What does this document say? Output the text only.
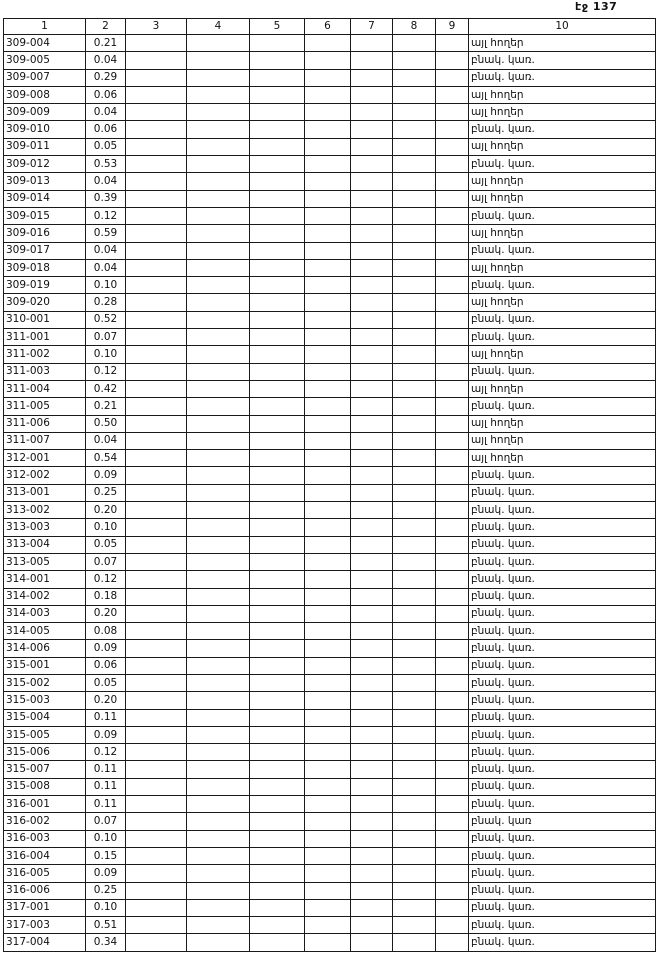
էջ 137
1	2	3	4	5	6	7	8	9	10
309-004	0.21								այլ հողեր
309-005	0.04								բնակ. կառ.
309-007	0.29								բնակ. կառ.
309-008	0.06								այլ հողեր
309-009	0.04								այլ հողեր
309-010	0.06								բնակ. կառ.
309-011	0.05								այլ հողեր
309-012	0.53								բնակ. կառ.
309-013	0.04								այլ հողեր
309-014	0.39								այլ հողեր
309-015	0.12								բնակ. կառ.
309-016	0.59								այլ հողեր
309-017	0.04								բնակ. կառ.
309-018	0.04								այլ հողեր
309-019	0.10								բնակ. կառ.
309-020	0.28								այլ հողեր
310-001	0.52								բնակ. կառ.
311-001	0.07								բնակ. կառ.
311-002	0.10								այլ հողեր
311-003	0.12								բնակ. կառ.
311-004	0.42								այլ հողեր
311-005	0.21								բնակ. կառ.
311-006	0.50								այլ հողեր
311-007	0.04								այլ հողեր
312-001	0.54								այլ հողեր
312-002	0.09								բնակ. կառ.
313-001	0.25								բնակ. կառ.
313-002	0.20								բնակ. կառ.
313-003	0.10								բնակ. կառ.
313-004	0.05								բնակ. կառ.
313-005	0.07								բնակ. կառ.
314-001	0.12								բնակ. կառ.
314-002	0.18								բնակ. կառ.
314-003	0.20								բնակ. կառ.
314-005	0.08								բնակ. կառ.
314-006	0.09								բնակ. կառ.
315-001	0.06								բնակ. կառ.
315-002	0.05								բնակ. կառ.
315-003	0.20								բնակ. կառ.
315-004	0.11								բնակ. կառ.
315-005	0.09								բնակ. կառ.
315-006	0.12								բնակ. կառ.
315-007	0.11								բնակ. կառ.
315-008	0.11								բնակ. կառ.
316-001	0.11								բնակ. կառ.
316-002	0.07								բնակ. կառ
316-003	0.10								բնակ. կառ.
316-004	0.15								բնակ. կառ.
316-005	0.09								բնակ. կառ.
316-006	0.25								բնակ. կառ.
317-001	0.10								բնակ. կառ.
317-003	0.51								բնակ. կառ.
317-004	0.34								բնակ. կառ.
